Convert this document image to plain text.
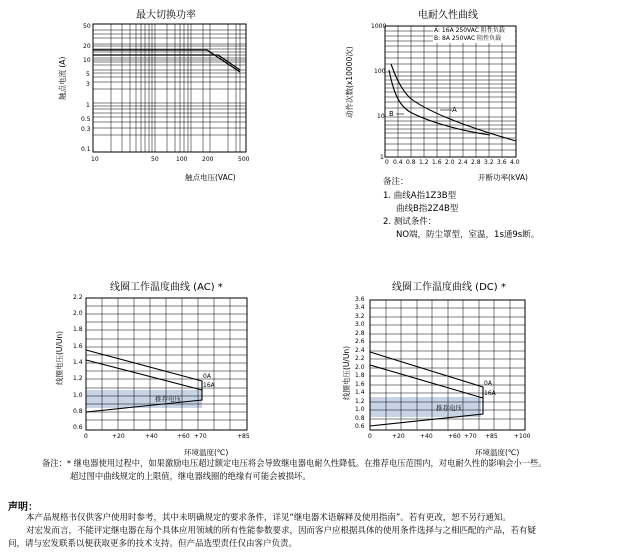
最大切换功率
触点电流 (A)
触点电压(VAC)
50
20
10
5
3
1
0.5
0.3
0.1
10	50	100 200	500
电耐久性曲线
动作次数(x10000次)
开断功率(kVA)
1000
100
10
1
0 0.4 0.8 1.2 1.6 2.0 2.4 2.8 3.2 3.6 4.0
A: 16A 250VAC 阻性负载
B: 8A 250VAC 阻性负载
A
B
备注：
1. 曲线A指1Z3B型
曲线B指2Z4B型
2. 测试条件：
NO端，防尘罩型，室温，1s通9s断。
线圈工作温度曲线 (AC) *
线圈电压(U/Un)
环境温度(℃)
2.2
2.0
1.8
1.6
1.4
1.2
1.0
0.8
0.6
0	+20	+40	+60 +70	+85
0A
16A
推荐电压
线圈工作温度曲线 (DC) *
线圈电压(U/Un)
环境温度(℃)
3.6
3.4
3.2
3.0
2.8
2.6
2.4
2.2
2.0
1.8
1.6
1.4
1.2
1.0
0.8
0.6
0	+20	+40	+60 +70 +85	+100
0A
16A
推荐电压
备注：* 继电器使用过程中，如果激励电压超过额定电压将会导致继电器电耐久性降低。在推荐电压范围内，对电耐久性的影响会小一些。
超过图中曲线规定的上限值，继电器线圈的绝缘有可能会被损坏。
声明：
本产品规格书仅供客户使用时参考，其中未明确规定的要求条件，详见“继电器术语解释及使用指南”。若有更改，恕不另行通知。
对宏发而言，不能评定继电器在每个具体应用领域的所有性能参数要求，因而客户应根据具体的使用条件选择与之相匹配的产品，若有疑
问，请与宏发联系以便获取更多的技术支持。但产品选型责任仅由客户负责。
